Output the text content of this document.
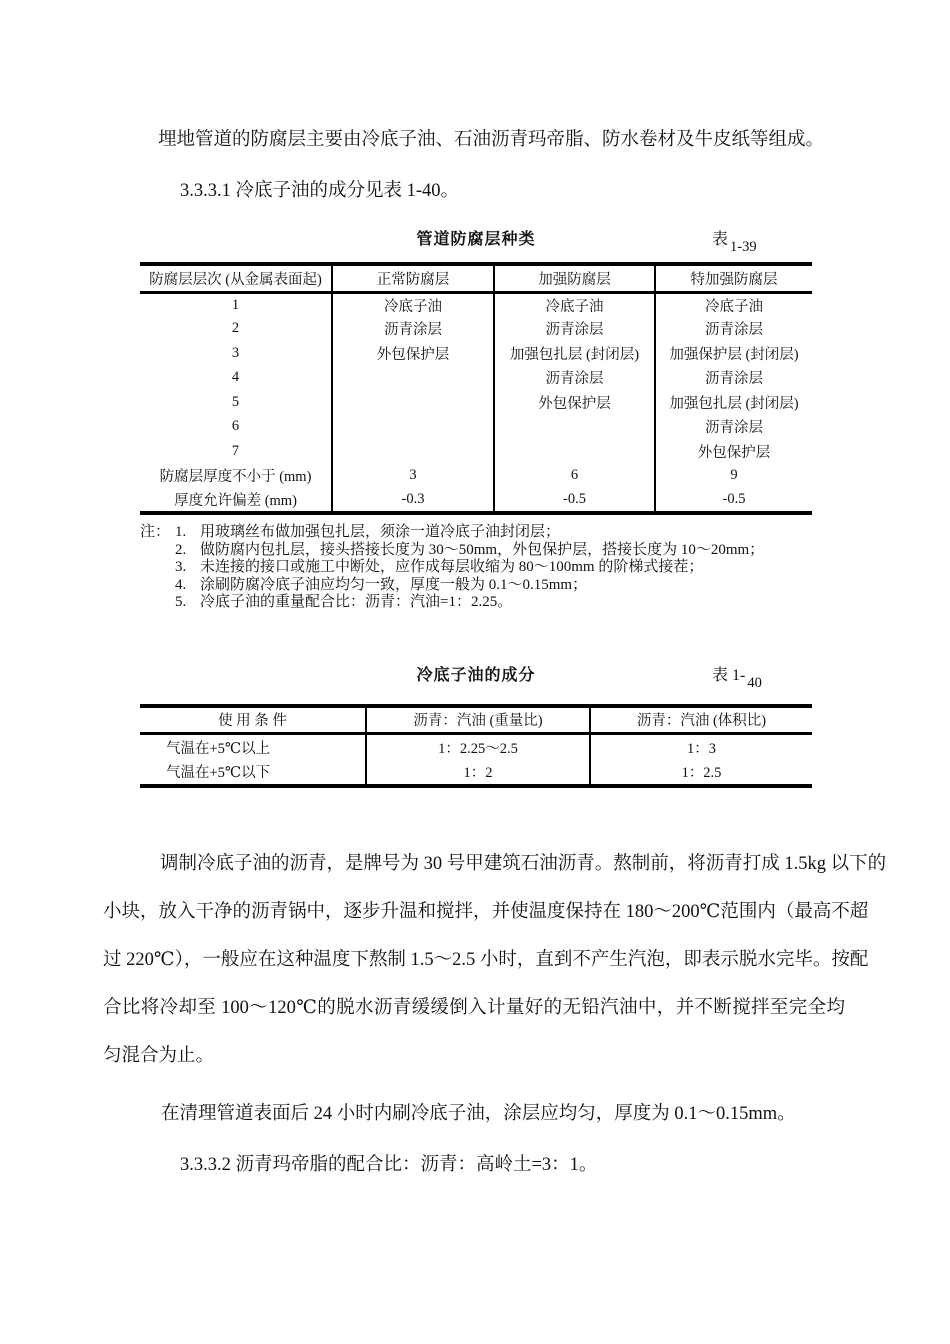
埋地管道的防腐层主要由冷底子油、石油沥青玛帝脂、防水卷材及牛皮纸等组成。
3.3.3.1 冷底子油的成分见表 1-40。
管道防腐层种类	表 1-39
防腐层层次 (从金属表面起)	正常防腐层	加强防腐层	特加强防腐层
1	冷底子油	冷底子油	冷底子油
2	沥青涂层	沥青涂层	沥青涂层
3	外包保护层	加强包扎层 (封闭层)	加强保护层 (封闭层)
4		沥青涂层	沥青涂层
5		外包保护层	加强包扎层 (封闭层)
6			沥青涂层
7			外包保护层
防腐层厚度不小于 (mm)	3	6	9
厚度允许偏差 (mm)	-0.3	-0.5	-0.5
注： 1. 用玻璃丝布做加强包扎层，须涂一道冷底子油封闭层；
2. 做防腐内包扎层，接头搭接长度为 30～50mm，外包保护层，搭接长度为 10～20mm；
3. 未连接的接口或施工中断处，应作成每层收缩为 80～100mm 的阶梯式接茬；
4. 涂刷防腐冷底子油应均匀一致，厚度一般为 0.1～0.15mm；
5. 冷底子油的重量配合比：沥青：汽油=1：2.25。
冷底子油的成分	表 1- 40
使 用 条 件	沥青：汽油 (重量比)	沥青：汽油 (体积比)
气温在+5℃以上	1：2.25～2.5	1：3
气温在+5℃以下	1：2	1：2.5
调制冷底子油的沥青，是牌号为 30 号甲建筑石油沥青。熬制前，将沥青打成 1.5kg 以下的
小块，放入干净的沥青锅中，逐步升温和搅拌，并使温度保持在 180～200℃范围内（最高不超
过 220℃），一般应在这种温度下熬制 1.5～2.5 小时，直到不产生汽泡，即表示脱水完毕。按配
合比将冷却至 100～120℃的脱水沥青缓缓倒入计量好的无铅汽油中，并不断搅拌至完全均
匀混合为止。
在清理管道表面后 24 小时内刷冷底子油，涂层应均匀，厚度为 0.1～0.15mm。
3.3.3.2 沥青玛帝脂的配合比：沥青：高岭土=3：1。
